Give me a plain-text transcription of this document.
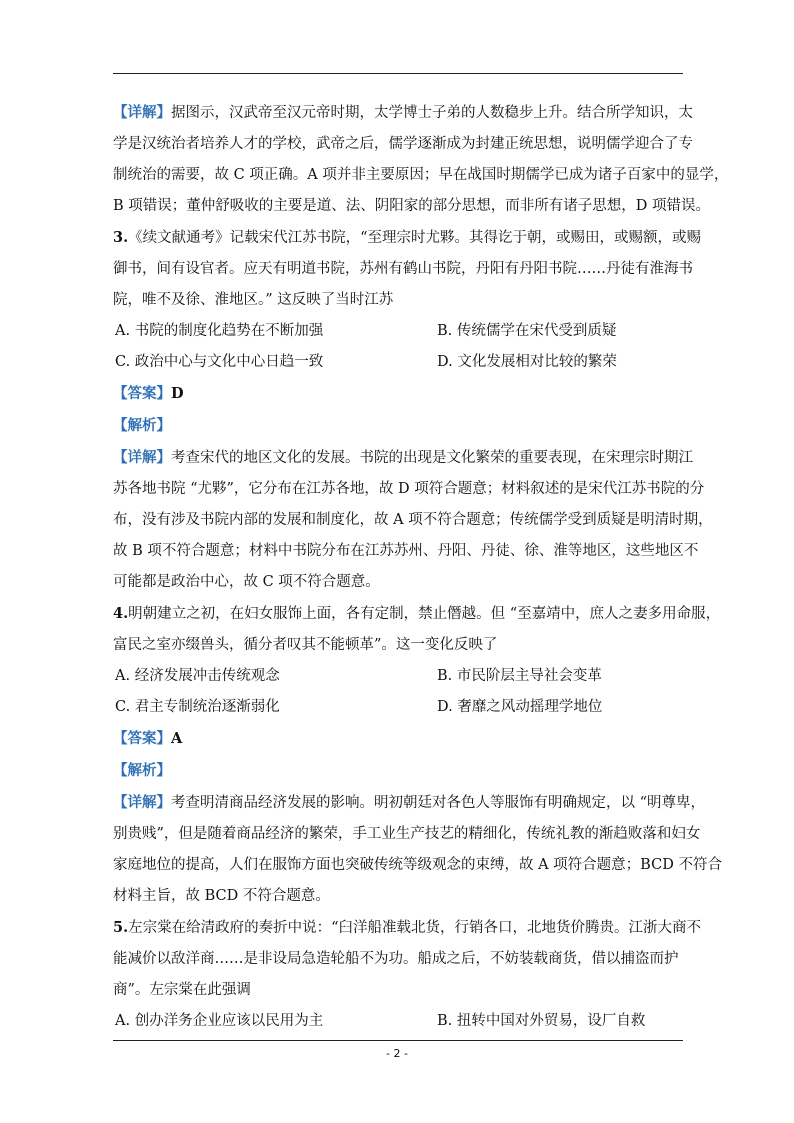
【详解】据图示，汉武帝至汉元帝时期，太学博士子弟的人数稳步上升。结合所学知识，太
学是汉统治者培养人才的学校，武帝之后，儒学逐渐成为封建正统思想，说明儒学迎合了专
制统治的需要，故 C 项正确。A 项并非主要原因；早在战国时期儒学已成为诸子百家中的显学，
B 项错误；董仲舒吸收的主要是道、法、阴阳家的部分思想，而非所有诸子思想，D 项错误。

3.《续文献通考》记载宋代江苏书院，“至理宗时尤夥。其得讫于朝，或赐田，或赐额，或赐
御书，间有设官者。应天有明道书院，苏州有鹤山书院，丹阳有丹阳书院……丹徒有淮海书
院，唯不及徐、淮地区。” 这反映了当时江苏

A. 书院的制度化趋势在不断加强	B. 传统儒学在宋代受到质疑
C. 政治中心与文化中心日趋一致	D. 文化发展相对比较的繁荣
【答案】D
【解析】

【详解】考查宋代的地区文化的发展。书院的出现是文化繁荣的重要表现，在宋理宗时期江
苏各地书院 “尤夥”，它分布在江苏各地，故 D 项符合题意；材料叙述的是宋代江苏书院的分
布，没有涉及书院内部的发展和制度化，故 A 项不符合题意；传统儒学受到质疑是明清时期，
故 B 项不符合题意；材料中书院分布在江苏苏州、丹阳、丹徒、徐、淮等地区，这些地区不
可能都是政治中心，故 C 项不符合题意。

4.明朝建立之初，在妇女服饰上面，各有定制，禁止僭越。但 “至嘉靖中，庶人之妻多用命服，
富民之室亦缀兽头，循分者叹其不能顿革”。这一变化反映了

A. 经济发展冲击传统观念	B. 市民阶层主导社会变革
C. 君主专制统治逐渐弱化	D. 奢靡之风动摇理学地位
【答案】A
【解析】

【详解】考查明清商品经济发展的影响。明初朝廷对各色人等服饰有明确规定，以 “明尊卑，
别贵贱”，但是随着商品经济的繁荣，手工业生产技艺的精细化，传统礼教的渐趋败落和妇女
家庭地位的提高，人们在服饰方面也突破传统等级观念的束缚，故 A 项符合题意；BCD 不符合
材料主旨，故 BCD 不符合题意。

5.左宗棠在给清政府的奏折中说：“臼洋船准载北货，行销各口，北地货价腾贵。江浙大商不
能减价以敌洋商……是非设局急造轮船不为功。船成之后，不妨装载商货，借以捕盗而护
商”。左宗棠在此强调

A. 创办洋务企业应该以民用为主	B. 扭转中国对外贸易，设厂自救
- 2 -
